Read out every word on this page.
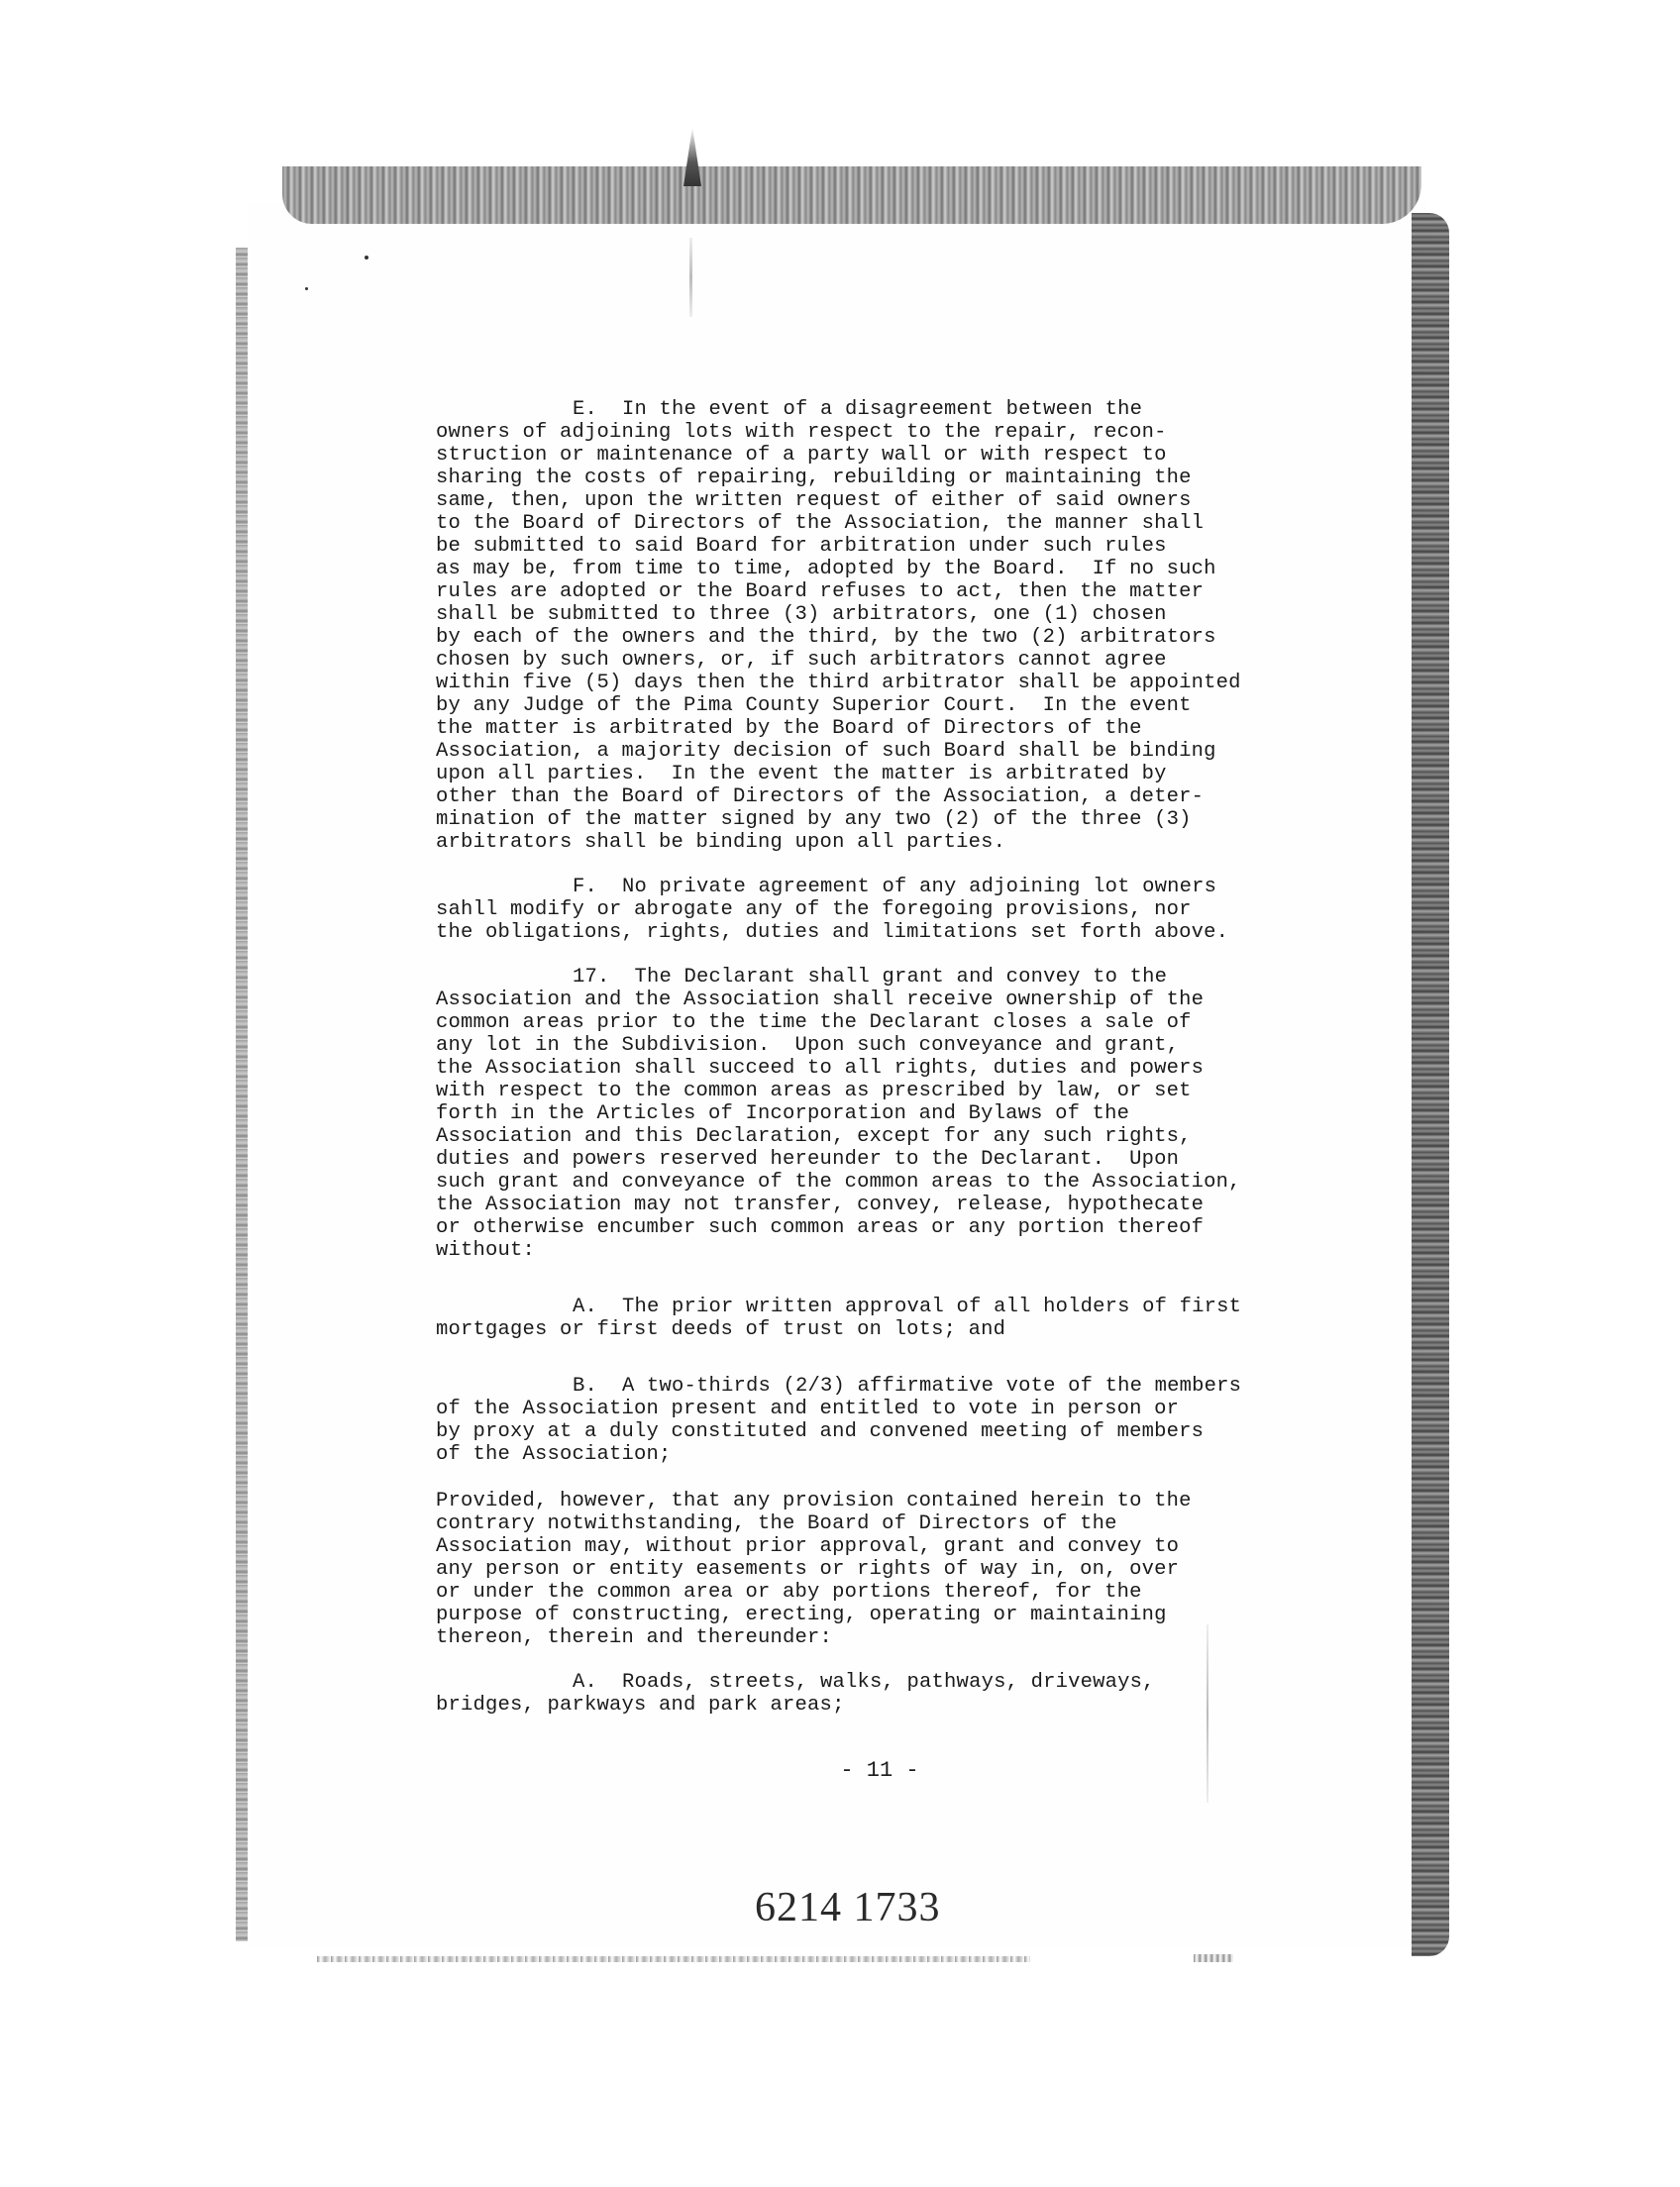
E.  In the event of a disagreement between the
owners of adjoining lots with respect to the repair, recon-
struction or maintenance of a party wall or with respect to
sharing the costs of repairing, rebuilding or maintaining the
same, then, upon the written request of either of said owners
to the Board of Directors of the Association, the manner shall
be submitted to said Board for arbitration under such rules
as may be, from time to time, adopted by the Board.  If no such
rules are adopted or the Board refuses to act, then the matter
shall be submitted to three (3) arbitrators, one (1) chosen
by each of the owners and the third, by the two (2) arbitrators
chosen by such owners, or, if such arbitrators cannot agree
within five (5) days then the third arbitrator shall be appointed
by any Judge of the Pima County Superior Court.  In the event
the matter is arbitrated by the Board of Directors of the
Association, a majority decision of such Board shall be binding
upon all parties.  In the event the matter is arbitrated by
other than the Board of Directors of the Association, a deter-
mination of the matter signed by any two (2) of the three (3)
arbitrators shall be binding upon all parties.
F.  No private agreement of any adjoining lot owners
sahll modify or abrogate any of the foregoing provisions, nor
the obligations, rights, duties and limitations set forth above.
17.  The Declarant shall grant and convey to the
Association and the Association shall receive ownership of the
common areas prior to the time the Declarant closes a sale of
any lot in the Subdivision.  Upon such conveyance and grant,
the Association shall succeed to all rights, duties and powers
with respect to the common areas as prescribed by law, or set
forth in the Articles of Incorporation and Bylaws of the
Association and this Declaration, except for any such rights,
duties and powers reserved hereunder to the Declarant.  Upon
such grant and conveyance of the common areas to the Association,
the Association may not transfer, convey, release, hypothecate
or otherwise encumber such common areas or any portion thereof
without:
A.  The prior written approval of all holders of first
mortgages or first deeds of trust on lots; and
B.  A two-thirds (2/3) affirmative vote of the members
of the Association present and entitled to vote in person or
by proxy at a duly constituted and convened meeting of members
of the Association;
Provided, however, that any provision contained herein to the
contrary notwithstanding, the Board of Directors of the
Association may, without prior approval, grant and convey to
any person or entity easements or rights of way in, on, over
or under the common area or aby portions thereof, for the
purpose of constructing, erecting, operating or maintaining
thereon, therein and thereunder:
A.  Roads, streets, walks, pathways, driveways,
bridges, parkways and park areas;
- 11 -
6214 1733
